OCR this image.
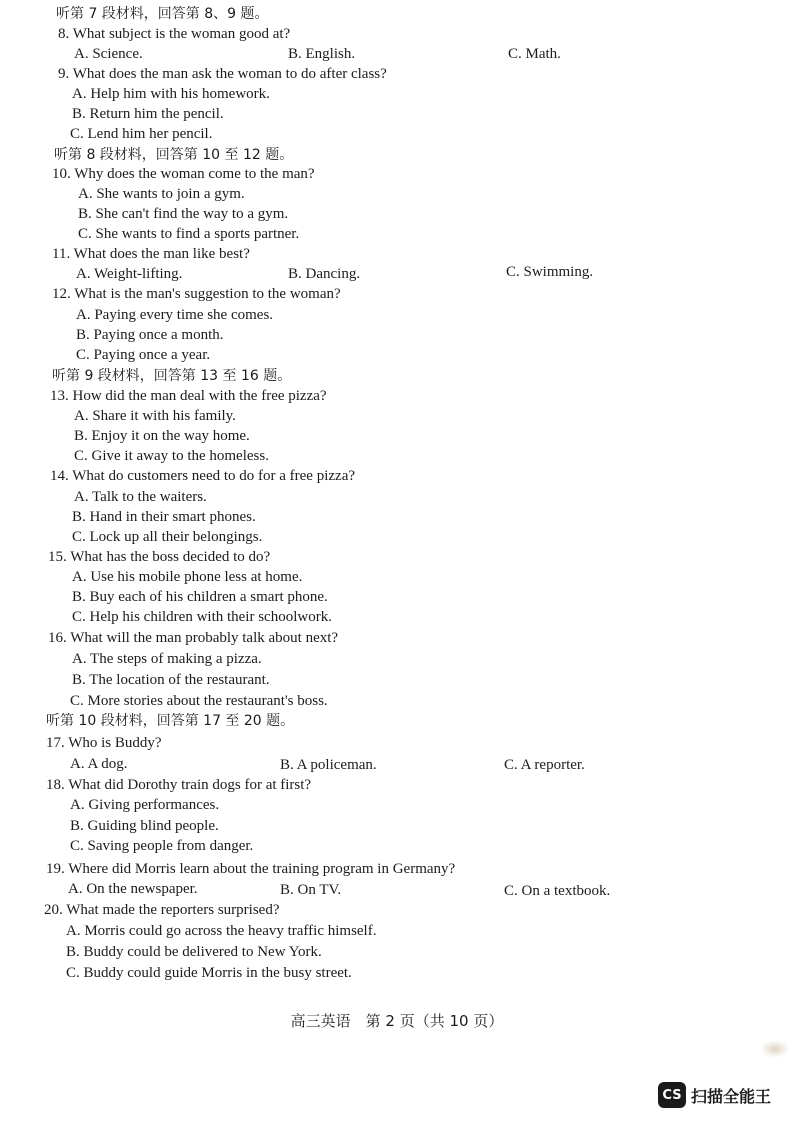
听第 7 段材料，回答第 8、9 题。
8. What subject is the woman good at?
A. Science.	B. English.	C. Math.
9. What does the man ask the woman to do after class?
A. Help him with his homework.
B. Return him the pencil.
C. Lend him her pencil.
听第 8 段材料，回答第 10 至 12 题。
10. Why does the woman come to the man?
A. She wants to join a gym.
B. She can't find the way to a gym.
C. She wants to find a sports partner.
11. What does the man like best?
A. Weight-lifting.	B. Dancing.	C. Swimming.
12. What is the man's suggestion to the woman?
A. Paying every time she comes.
B. Paying once a month.
C. Paying once a year.
听第 9 段材料，回答第 13 至 16 题。
13. How did the man deal with the free pizza?
A. Share it with his family.
B. Enjoy it on the way home.
C. Give it away to the homeless.
14. What do customers need to do for a free pizza?
A. Talk to the waiters.
B. Hand in their smart phones.
C. Lock up all their belongings.
15. What has the boss decided to do?
A. Use his mobile phone less at home.
B. Buy each of his children a smart phone.
C. Help his children with their schoolwork.
16. What will the man probably talk about next?
A. The steps of making a pizza.
B. The location of the restaurant.
C. More stories about the restaurant's boss.
听第 10 段材料，回答第 17 至 20 题。
17. Who is Buddy?
A. A dog.	B. A policeman.	C. A reporter.
18. What did Dorothy train dogs for at first?
A. Giving performances.
B. Guiding blind people.
C. Saving people from danger.
19. Where did Morris learn about the training program in Germany?
A. On the newspaper.	B. On TV.	C. On a textbook.
20. What made the reporters surprised?
A. Morris could go across the heavy traffic himself.
B. Buddy could be delivered to New York.
C. Buddy could guide Morris in the busy street.
高三英语　第 2 页（共 10 页）
CS 扫描全能王
